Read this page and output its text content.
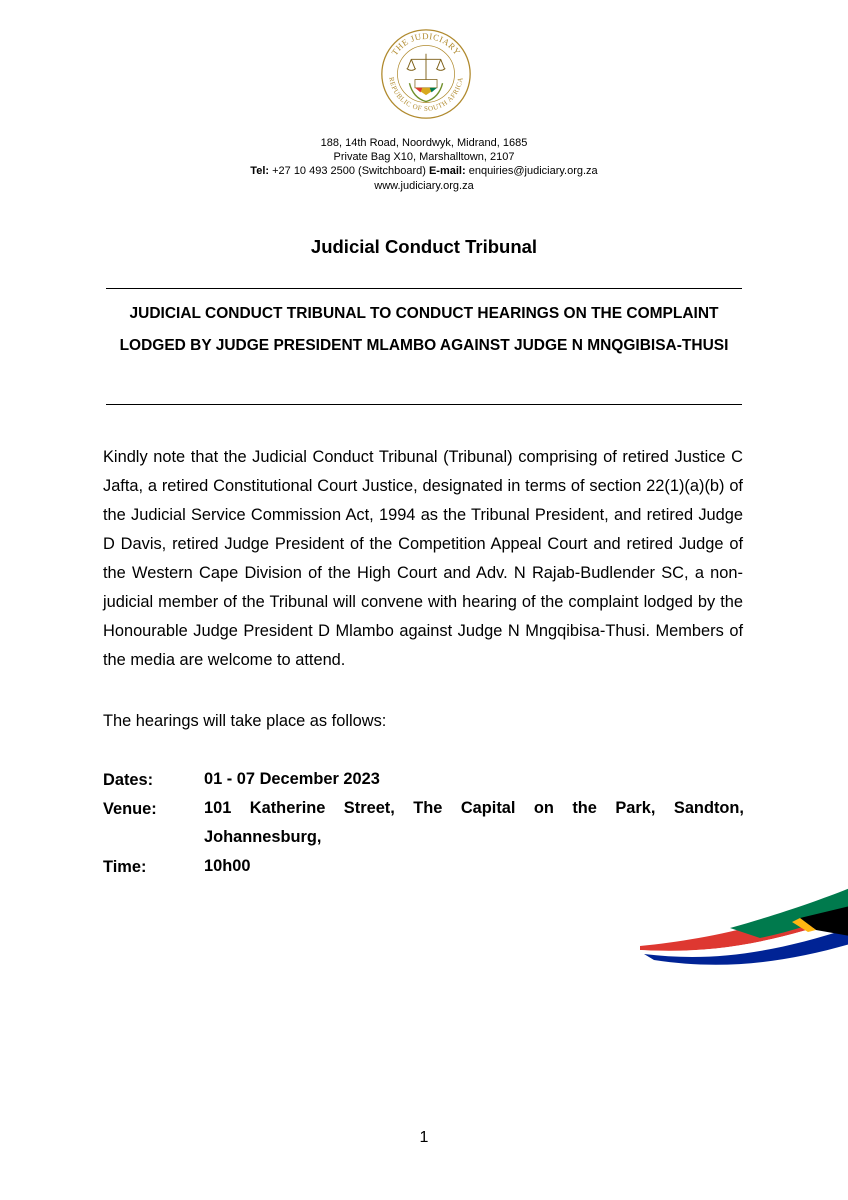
THE JUDICIARY
REPUBLIC OF SOUTH AFRICA
188, 14th Road, Noordwyk, Midrand, 1685
Private Bag X10, Marshalltown, 2107
Tel: +27 10 493 2500 (Switchboard) E-mail: enquiries@judiciary.org.za
www.judiciary.org.za
Judicial Conduct Tribunal
JUDICIAL CONDUCT TRIBUNAL TO CONDUCT HEARINGS ON THE COMPLAINT LODGED BY JUDGE PRESIDENT MLAMBO AGAINST JUDGE N MNQGIBISA-THUSI
Kindly note that the Judicial Conduct Tribunal (Tribunal) comprising of retired Justice C Jafta, a retired Constitutional Court Justice, designated in terms of section 22(1)(a)(b) of the Judicial Service Commission Act, 1994 as the Tribunal President, and retired Judge D Davis, retired Judge President of the Competition Appeal Court and retired Judge of the Western Cape Division of the High Court and Adv. N Rajab-Budlender SC, a non-judicial member of the Tribunal will convene with hearing of the complaint lodged by the Honourable Judge President D Mlambo against Judge N Mngqibisa-Thusi. Members of the media are welcome to attend.
The hearings will take place as follows:
Dates:	01 - 07 December 2023
Venue:	101 Katherine Street, The Capital on the Park, Sandton, Johannesburg,
Time:	10h00
1
